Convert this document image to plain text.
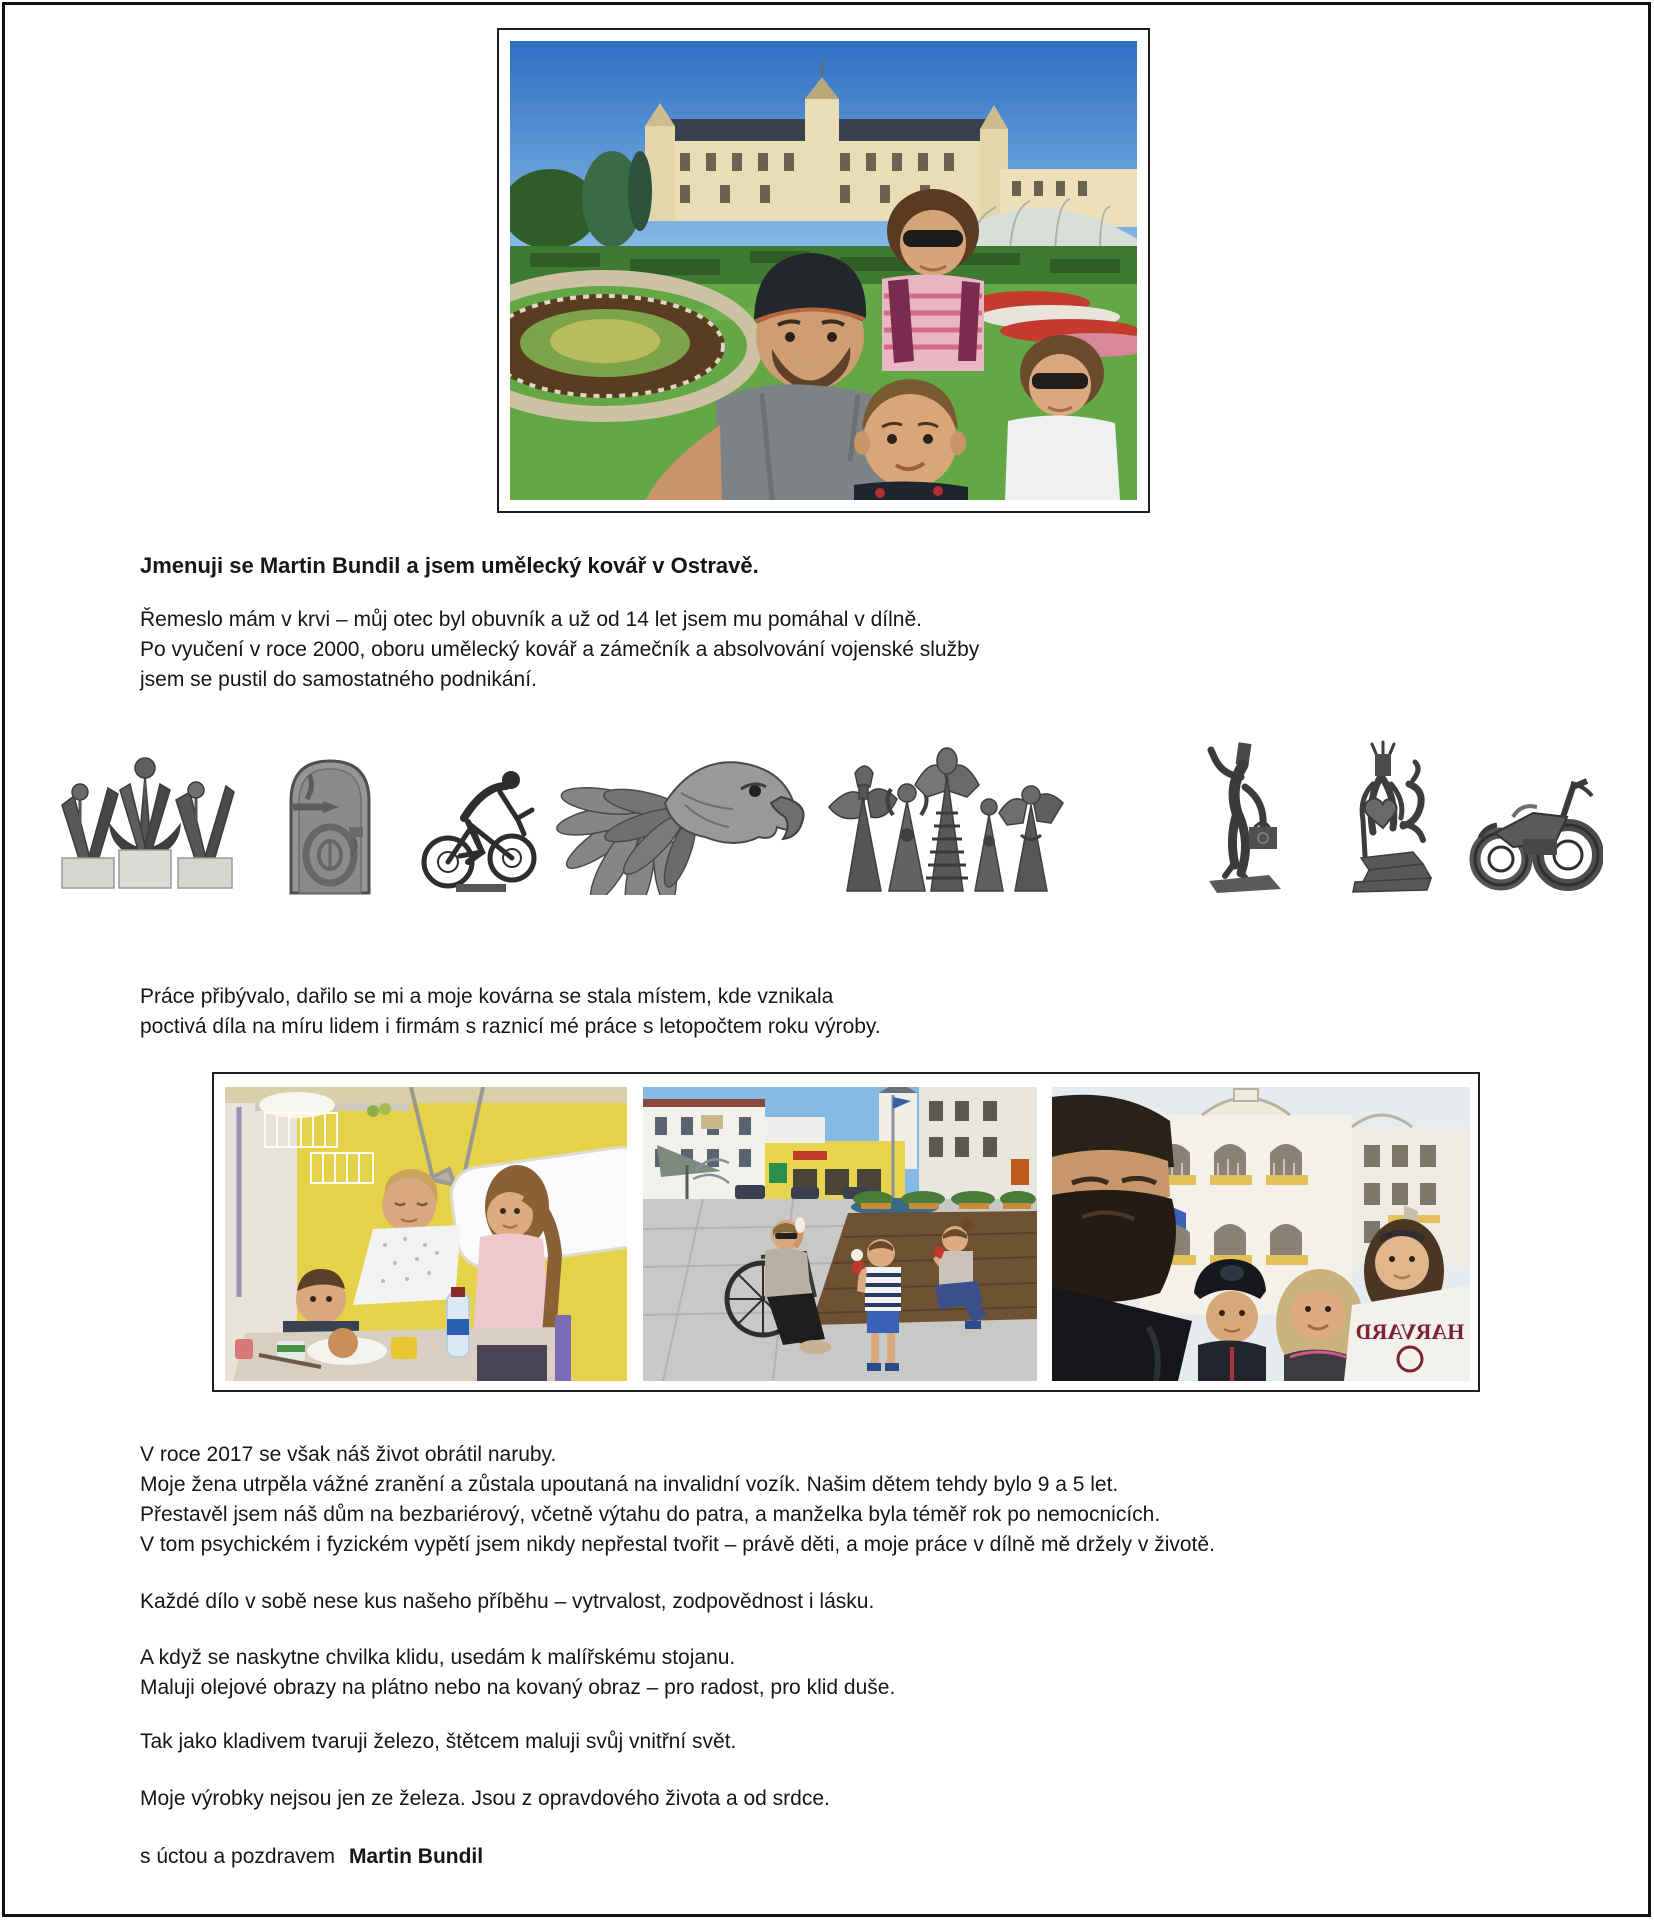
Jmenuji se Martin Bundil a jsem umělecký kovář v Ostravě.
Řemeslo mám v krvi – můj otec byl obuvník a už od 14 let jsem mu pomáhal v dílně.
Po vyučení v roce 2000, oboru umělecký kovář a zámečník a absolvování vojenské služby
jsem se pustil do samostatného podnikání.
Práce přibývalo, dařilo se mi a moje kovárna se stala místem, kde vznikala
poctivá díla na míru lidem i firmám s raznicí mé práce s letopočtem roku výroby.
HARVARD
V roce 2017 se však náš život obrátil naruby.
Moje žena utrpěla vážné zranění a zůstala upoutaná na invalidní vozík. Našim dětem tehdy bylo 9 a 5 let.
Přestavěl jsem náš dům na bezbariérový, včetně výtahu do patra, a manželka byla téměř rok po nemocnicích.
V tom psychickém i fyzickém vypětí jsem nikdy nepřestal tvořit – právě děti, a moje práce v dílně mě držely v životě.
Každé dílo v sobě nese kus našeho příběhu – vytrvalost, zodpovědnost i lásku.
A když se naskytne chvilka klidu, usedám k malířskému stojanu.
Maluji olejové obrazy na plátno nebo na kovaný obraz – pro radost, pro klid duše.
Tak jako kladivem tvaruji železo, štětcem maluji svůj vnitřní svět.
Moje výrobky nejsou jen ze železa. Jsou z opravdového života a od srdce.
s úctou a pozdravem Martin Bundil
